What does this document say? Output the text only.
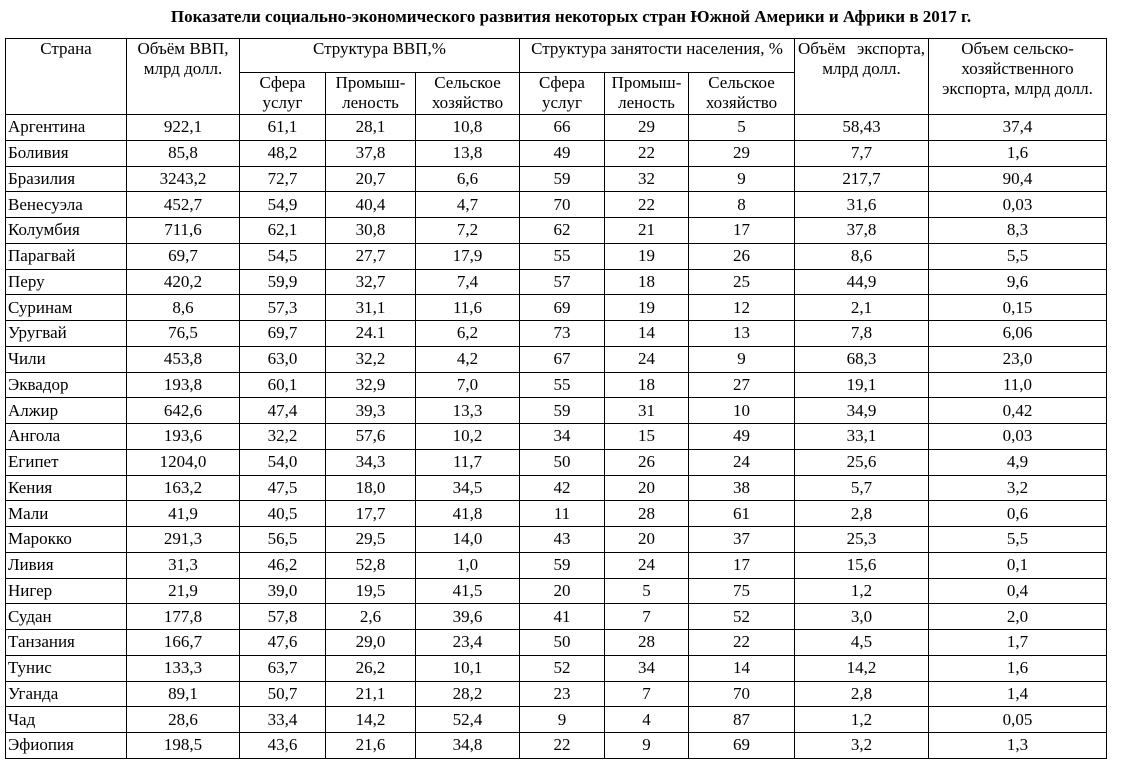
Показатели социально-экономического развития некоторых стран Южной Америки и Африки в 2017 г.
Страна	Объём ВВП, млрд долл.	Структура ВВП,%			Структура занятости населения, %			Объём экспорта, млрд долл.	Объем сельско-хозяйственного экспорта, млрд долл.
		Сфера услуг	Промыш-леность	Сельское хозяйство	Сфера услуг	Промыш-леность	Сельское хозяйство		
Аргентина	922,1	61,1	28,1	10,8	66	29	5	58,43	37,4
Боливия	85,8	48,2	37,8	13,8	49	22	29	7,7	1,6
Бразилия	3243,2	72,7	20,7	6,6	59	32	9	217,7	90,4
Венесуэла	452,7	54,9	40,4	4,7	70	22	8	31,6	0,03
Колумбия	711,6	62,1	30,8	7,2	62	21	17	37,8	8,3
Парагвай	69,7	54,5	27,7	17,9	55	19	26	8,6	5,5
Перу	420,2	59,9	32,7	7,4	57	18	25	44,9	9,6
Суринам	8,6	57,3	31,1	11,6	69	19	12	2,1	0,15
Уругвай	76,5	69,7	24.1	6,2	73	14	13	7,8	6,06
Чили	453,8	63,0	32,2	4,2	67	24	9	68,3	23,0
Эквадор	193,8	60,1	32,9	7,0	55	18	27	19,1	11,0
Алжир	642,6	47,4	39,3	13,3	59	31	10	34,9	0,42
Ангола	193,6	32,2	57,6	10,2	34	15	49	33,1	0,03
Египет	1204,0	54,0	34,3	11,7	50	26	24	25,6	4,9
Кения	163,2	47,5	18,0	34,5	42	20	38	5,7	3,2
Мали	41,9	40,5	17,7	41,8	11	28	61	2,8	0,6
Марокко	291,3	56,5	29,5	14,0	43	20	37	25,3	5,5
Ливия	31,3	46,2	52,8	1,0	59	24	17	15,6	0,1
Нигер	21,9	39,0	19,5	41,5	20	5	75	1,2	0,4
Судан	177,8	57,8	2,6	39,6	41	7	52	3,0	2,0
Танзания	166,7	47,6	29,0	23,4	50	28	22	4,5	1,7
Тунис	133,3	63,7	26,2	10,1	52	34	14	14,2	1,6
Уганда	89,1	50,7	21,1	28,2	23	7	70	2,8	1,4
Чад	28,6	33,4	14,2	52,4	9	4	87	1,2	0,05
Эфиопия	198,5	43,6	21,6	34,8	22	9	69	3,2	1,3
